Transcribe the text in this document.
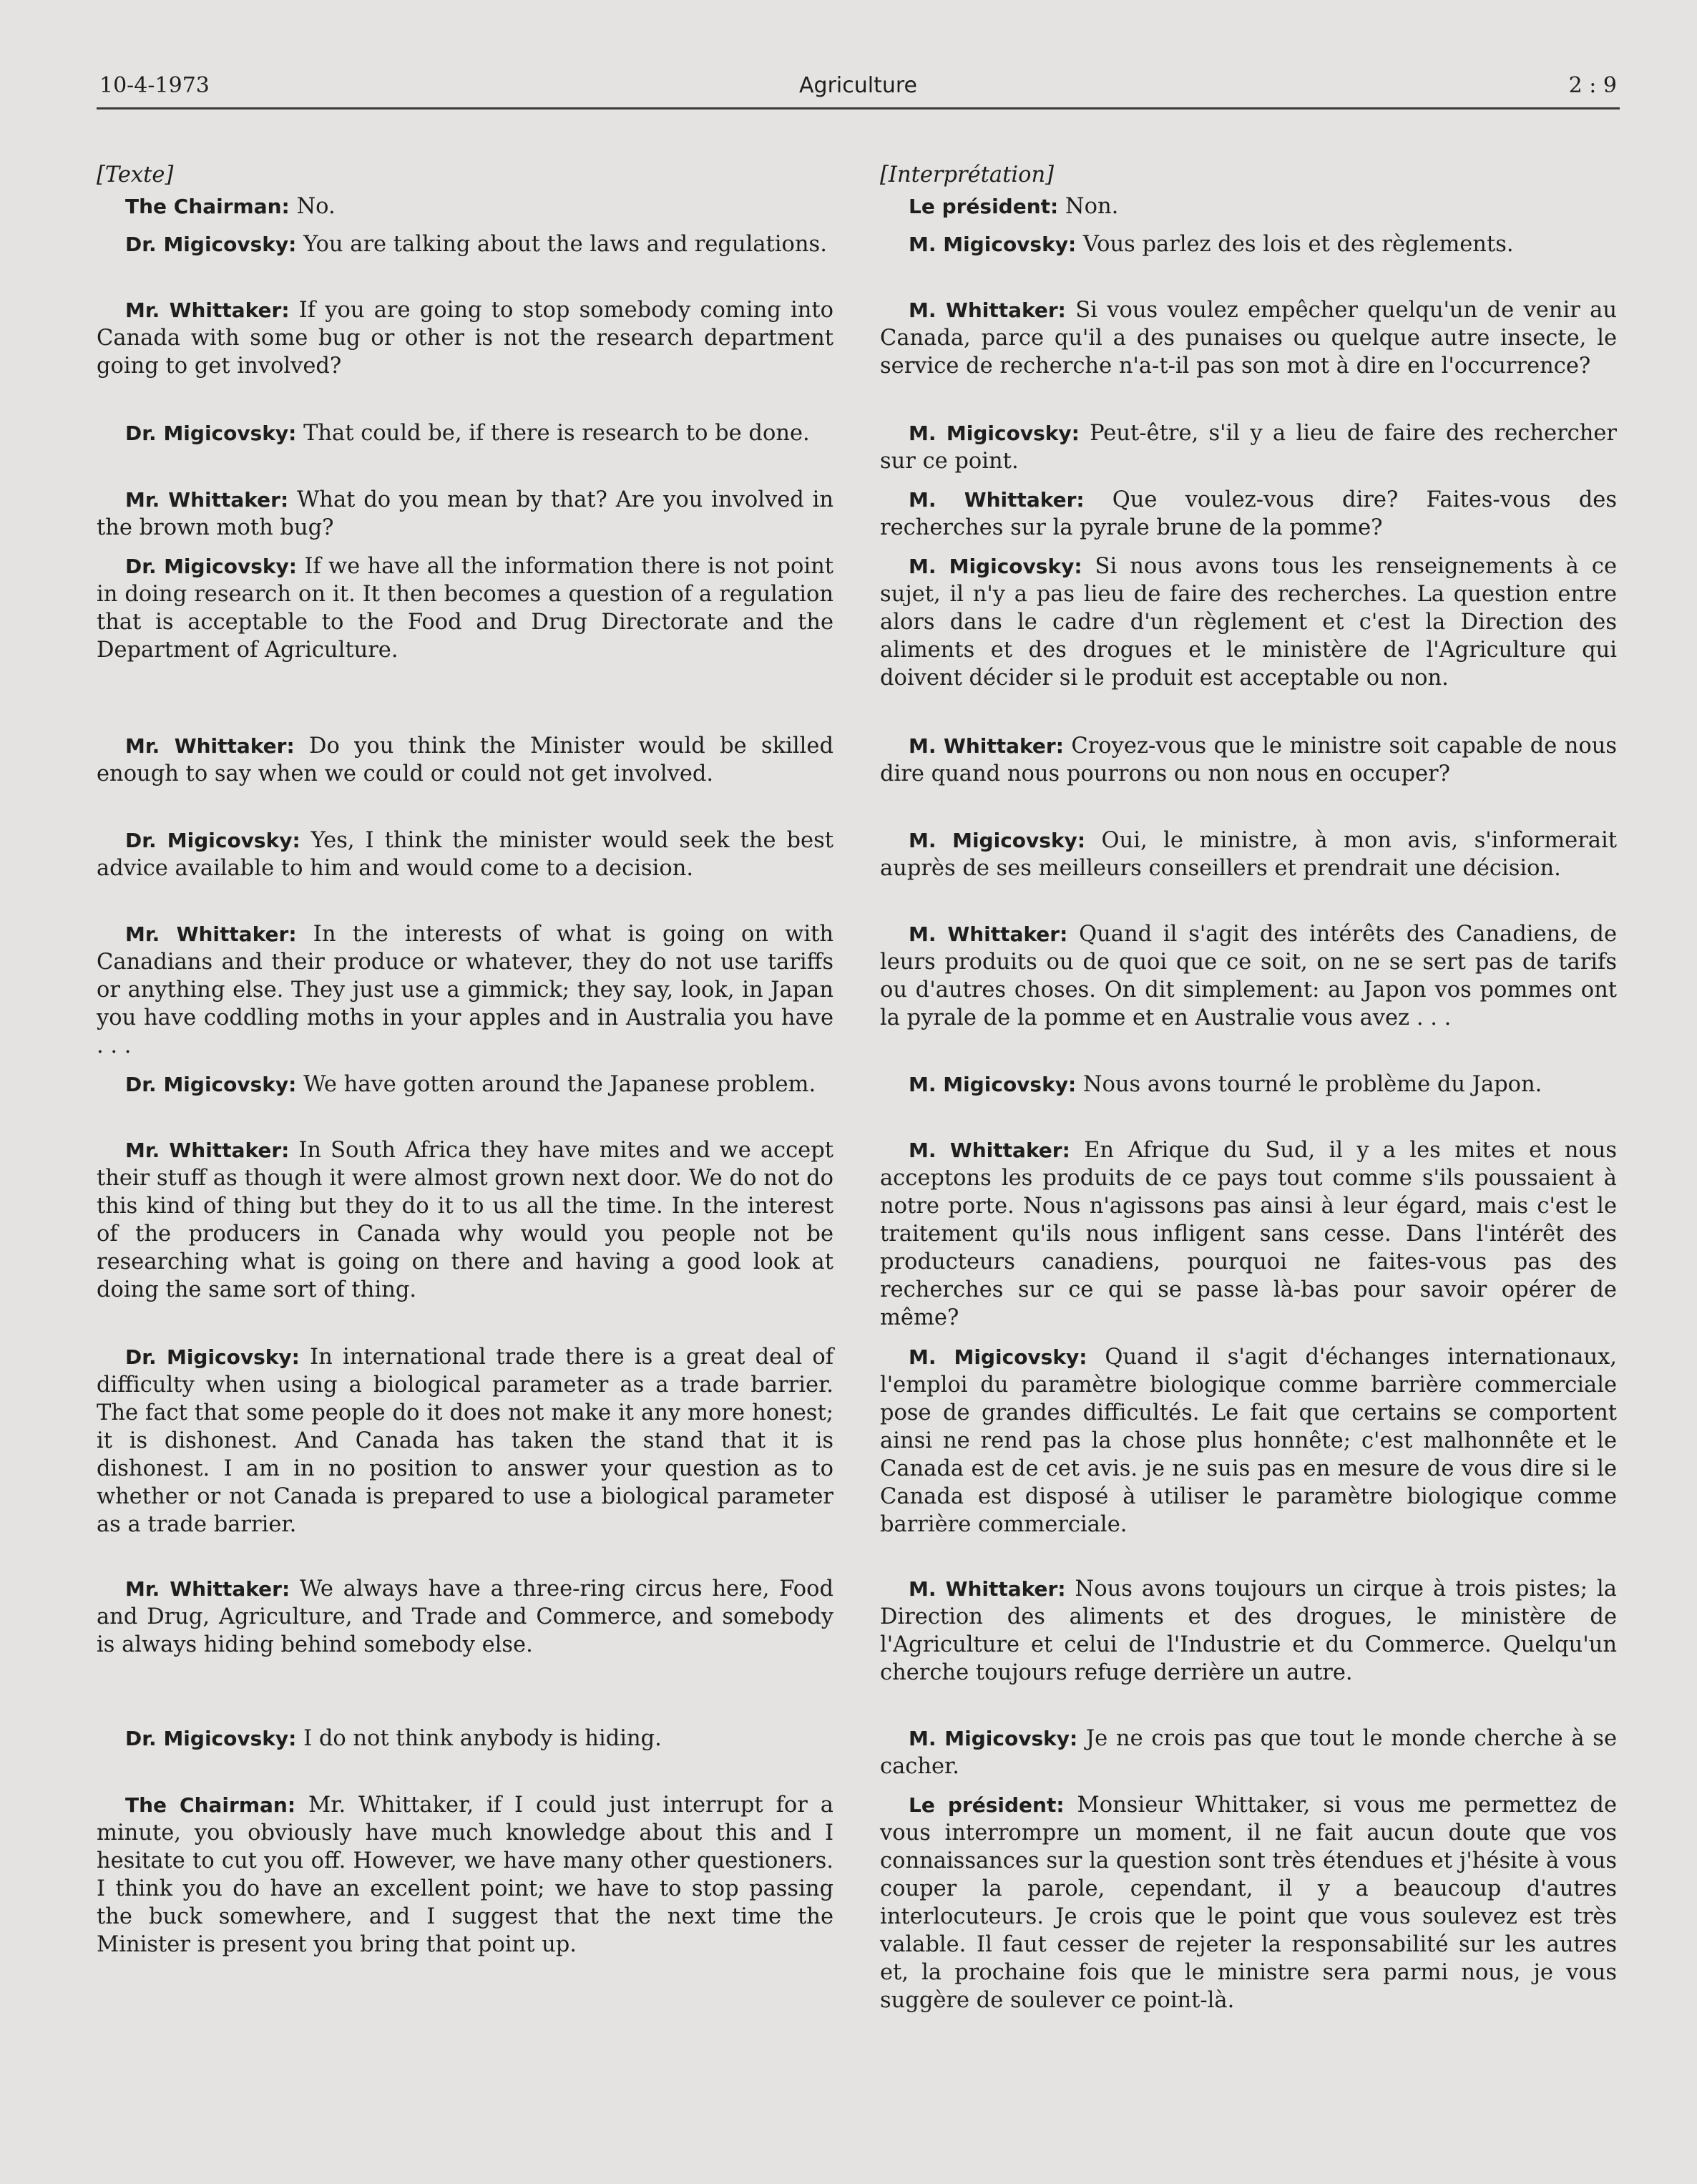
10-4-1973	Agriculture	2 : 9

[Texte]

The Chairman: No.

Dr. Migicovsky: You are talking about the laws and regulations.

Mr. Whittaker: If you are going to stop somebody coming into Canada with some bug or other is not the research department going to get involved?

Dr. Migicovsky: That could be, if there is research to be done.

Mr. Whittaker: What do you mean by that? Are you involved in the brown moth bug?

Dr. Migicovsky: If we have all the information there is not point in doing research on it. It then becomes a question of a regulation that is acceptable to the Food and Drug Directorate and the Department of Agriculture.

Mr. Whittaker: Do you think the Minister would be skilled enough to say when we could or could not get involved.

Dr. Migicovsky: Yes, I think the minister would seek the best advice available to him and would come to a decision.

Mr. Whittaker: In the interests of what is going on with Canadians and their produce or whatever, they do not use tariffs or anything else. They just use a gimmick; they say, look, in Japan you have coddling moths in your apples and in Australia you have . . .

Dr. Migicovsky: We have gotten around the Japanese problem.

Mr. Whittaker: In South Africa they have mites and we accept their stuff as though it were almost grown next door. We do not do this kind of thing but they do it to us all the time. In the interest of the producers in Canada why would you people not be researching what is going on there and having a good look at doing the same sort of thing.

Dr. Migicovsky: In international trade there is a great deal of difficulty when using a biological parameter as a trade barrier. The fact that some people do it does not make it any more honest; it is dishonest. And Canada has taken the stand that it is dishonest. I am in no position to answer your question as to whether or not Canada is prepared to use a biological parameter as a trade barrier.

Mr. Whittaker: We always have a three-ring circus here, Food and Drug, Agriculture, and Trade and Commerce, and somebody is always hiding behind somebody else.

Dr. Migicovsky: I do not think anybody is hiding.

The Chairman: Mr. Whittaker, if I could just interrupt for a minute, you obviously have much knowledge about this and I hesitate to cut you off. However, we have many other questioners. I think you do have an excellent point; we have to stop passing the buck somewhere, and I suggest that the next time the Minister is present you bring that point up.

[Interprétation]

Le président: Non.

M. Migicovsky: Vous parlez des lois et des règlements.

M. Whittaker: Si vous voulez empêcher quelqu'un de venir au Canada, parce qu'il a des punaises ou quelque autre insecte, le service de recherche n'a-t-il pas son mot à dire en l'occurrence?

M. Migicovsky: Peut-être, s'il y a lieu de faire des rechercher sur ce point.

M. Whittaker: Que voulez-vous dire? Faites-vous des recherches sur la pyrale brune de la pomme?

M. Migicovsky: Si nous avons tous les renseignements à ce sujet, il n'y a pas lieu de faire des recherches. La question entre alors dans le cadre d'un règlement et c'est la Direction des aliments et des drogues et le ministère de l'Agriculture qui doivent décider si le produit est acceptable ou non.

M. Whittaker: Croyez-vous que le ministre soit capable de nous dire quand nous pourrons ou non nous en occuper?

M. Migicovsky: Oui, le ministre, à mon avis, s'informerait auprès de ses meilleurs conseillers et prendrait une décision.

M. Whittaker: Quand il s'agit des intérêts des Canadiens, de leurs produits ou de quoi que ce soit, on ne se sert pas de tarifs ou d'autres choses. On dit simplement: au Japon vos pommes ont la pyrale de la pomme et en Australie vous avez . . .

M. Migicovsky: Nous avons tourné le problème du Japon.

M. Whittaker: En Afrique du Sud, il y a les mites et nous acceptons les produits de ce pays tout comme s'ils poussaient à notre porte. Nous n'agissons pas ainsi à leur égard, mais c'est le traitement qu'ils nous infligent sans cesse. Dans l'intérêt des producteurs canadiens, pourquoi ne faites-vous pas des recherches sur ce qui se passe là-bas pour savoir opérer de même?

M. Migicovsky: Quand il s'agit d'échanges internationaux, l'emploi du paramètre biologique comme barrière commerciale pose de grandes difficultés. Le fait que certains se comportent ainsi ne rend pas la chose plus honnête; c'est malhonnête et le Canada est de cet avis. je ne suis pas en mesure de vous dire si le Canada est disposé à utiliser le paramètre biologique comme barrière commerciale.

M. Whittaker: Nous avons toujours un cirque à trois pistes; la Direction des aliments et des drogues, le ministère de l'Agriculture et celui de l'Industrie et du Commerce. Quelqu'un cherche toujours refuge derrière un autre.

M. Migicovsky: Je ne crois pas que tout le monde cherche à se cacher.

Le président: Monsieur Whittaker, si vous me permettez de vous interrompre un moment, il ne fait aucun doute que vos connaissances sur la question sont très étendues et j'hésite à vous couper la parole, cependant, il y a beaucoup d'autres interlocuteurs. Je crois que le point que vous soulevez est très valable. Il faut cesser de rejeter la responsabilité sur les autres et, la prochaine fois que le ministre sera parmi nous, je vous suggère de soulever ce point-là.
